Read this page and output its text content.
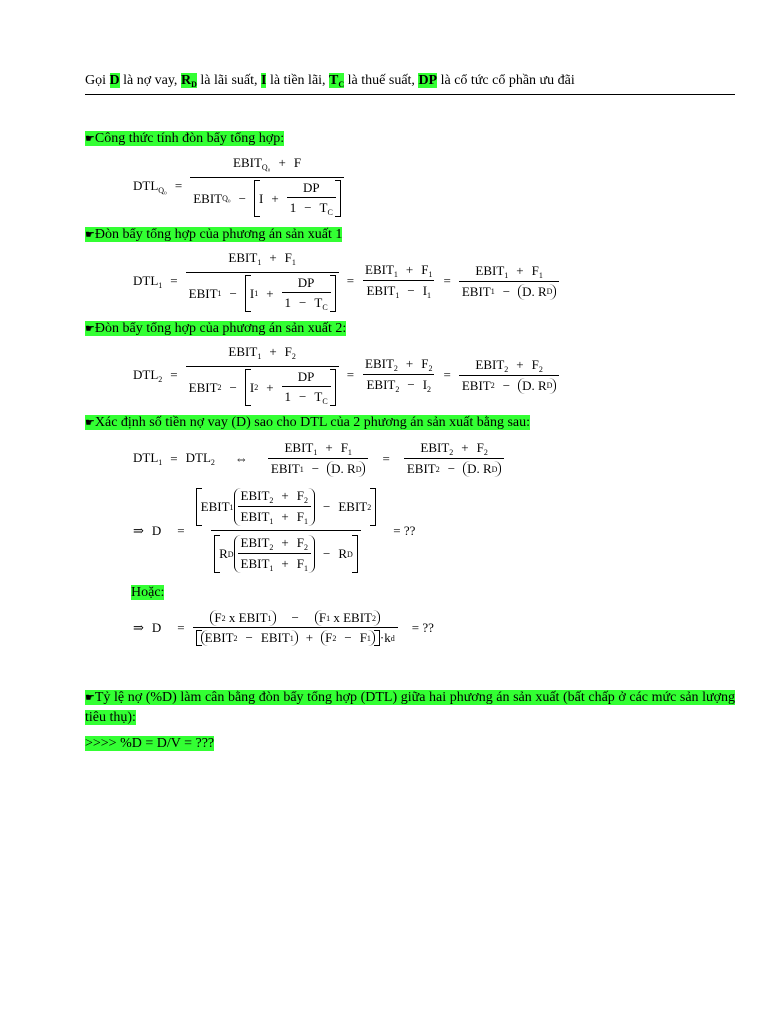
Gọi D là nợ vay, $R_D$ là lãi suất, I là tiền lãi, $T_C$ là thuế suất, DP là cổ tức cổ phần ưu đãi
☛Công thức tính đòn bẩy tổng hợp:
$DTL_{Q_0}$ = $EBIT_{Q_0} + F$
EBIT Q₀ −	$I + \frac{DP}{1 - T_C}$
☛Đòn bẩy tổng hợp của phương án sản xuất 1
$DTL_1$ = $EBIT_1 + F_1$
EBIT 1 −	I $1 + \frac{DP}{1 - T_C} = \frac{EBIT_1 + F_1}{EBIT_1 - I_1} = \frac{EBIT_1 + F_1}{\text{EBIT 1 − D. R D}}$
☛Đòn bẩy tổng hợp của phương án sản xuất 2:
$DTL_2$ = $EBIT_1 + F_2$
EBIT 2 −	I $2 + \frac{DP}{1 - T_C} = \frac{EBIT_2 + F_2}{EBIT_2 - I_2} = \frac{EBIT_2 + F_2}{\text{EBIT 2 − D. R D}}$
☛Xác định số tiền nợ vay (D) sao cho DTL của 2 phương án sản xuất bằng sau:
$DTL_1 = DTL_2$	⇔	$\frac{EBIT_1 + F_1}{\text{EBIT 1 − D. R D}}$	=	$\frac{EBIT_2 + F_2}{\text{EBIT 2 − D. R D}}$
⇒ D	= $\frac{EBIT 1 \frac{EBIT_2 + F_2}{EBIT_1 + F_1} - EBIT 2}{R D \frac{EBIT_2 + F_2}{EBIT_1 + F_1} - R D}$	= ??
Hoặc:
⇒ D	= F 2
x
EBIT 1	−	F 1
x
EBIT 2
EBIT 2 − EBIT 1 + F 2 − F 1 · k d	= ??

☛Tỷ lệ nợ (%D) làm cân bằng đòn bẩy tổng hợp (DTL) giữa hai phương án sản xuất (bất chấp ở các mức sản lượng tiêu thụ):

>>>> %D = D/V = ???
